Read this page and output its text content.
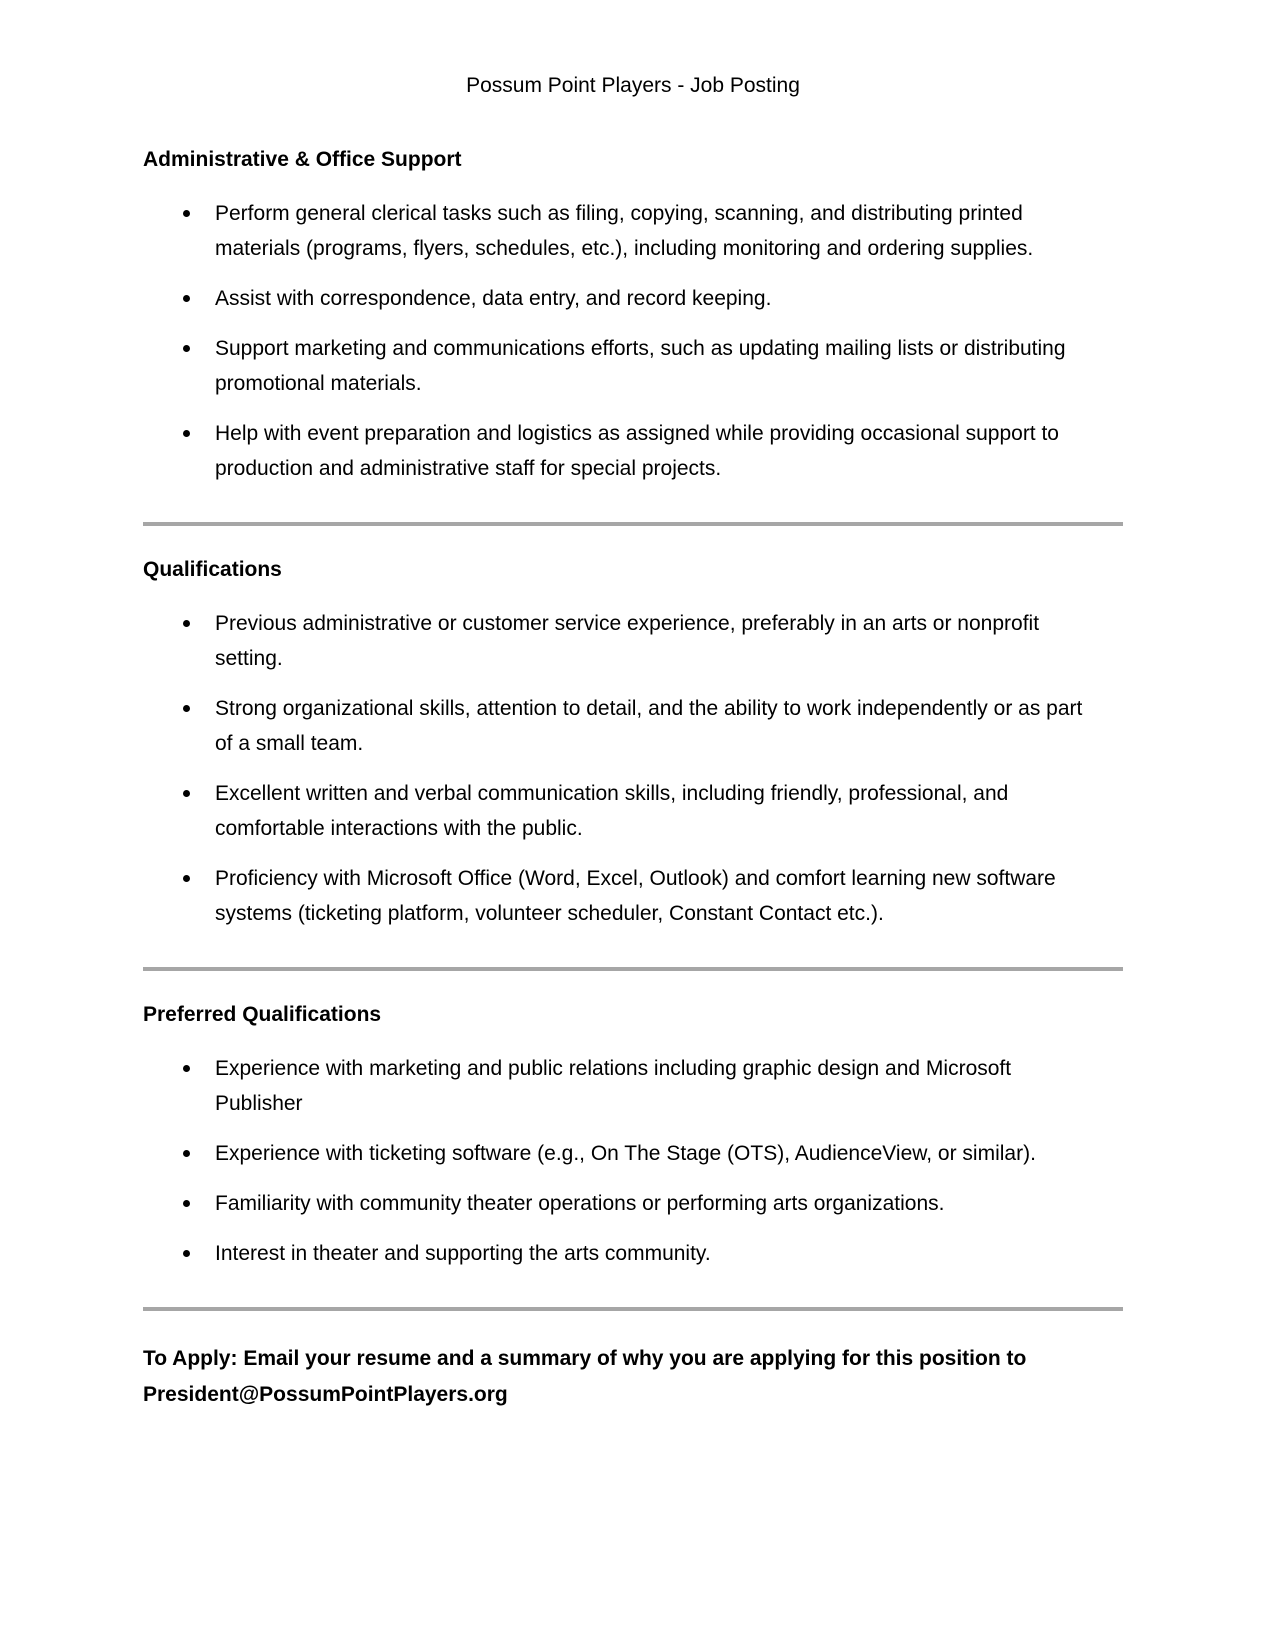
Possum Point Players - Job Posting

Administrative & Office Support
Perform general clerical tasks such as filing, copying, scanning, and distributing printed materials (programs, flyers, schedules, etc.), including monitoring and ordering supplies.
Assist with correspondence, data entry, and record keeping.
Support marketing and communications efforts, such as updating mailing lists or distributing promotional materials.
Help with event preparation and logistics as assigned while providing occasional support to production and administrative staff for special projects.
Qualifications
Previous administrative or customer service experience, preferably in an arts or nonprofit setting.
Strong organizational skills, attention to detail, and the ability to work independently or as part of a small team.
Excellent written and verbal communication skills, including friendly, professional, and comfortable interactions with the public.
Proficiency with Microsoft Office (Word, Excel, Outlook) and comfort learning new software systems (ticketing platform, volunteer scheduler, Constant Contact etc.).
Preferred Qualifications
Experience with marketing and public relations including graphic design and Microsoft Publisher
Experience with ticketing software (e.g., On The Stage (OTS), AudienceView, or similar).
Familiarity with community theater operations or performing arts organizations.
Interest in theater and supporting the arts community.

To Apply: Email your resume and a summary of why you are applying for this position to President@PossumPointPlayers.org
